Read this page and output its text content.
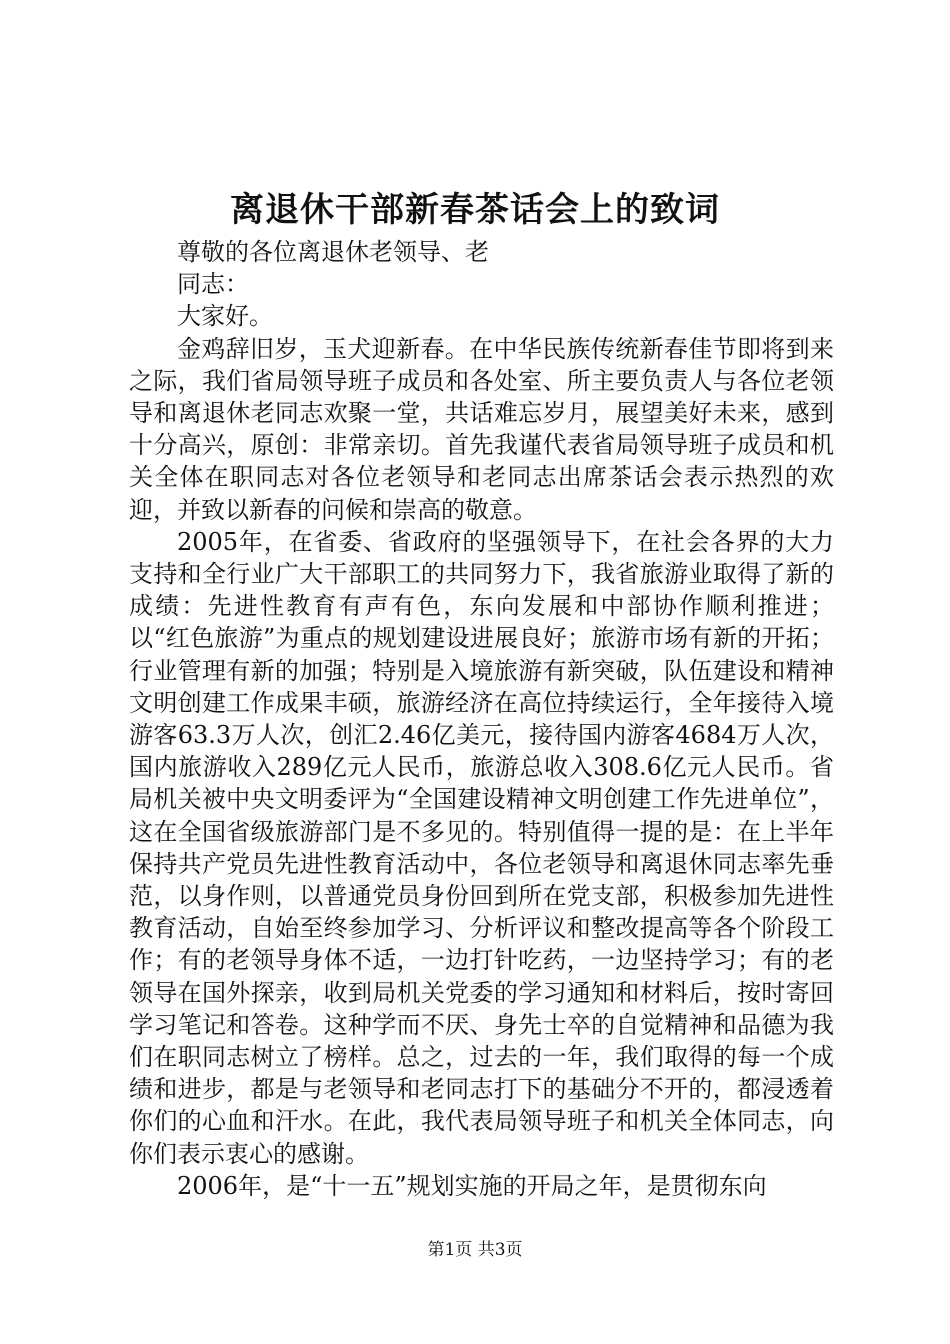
离退休干部新春茶话会上的致词

尊敬的各位离退休老领导、老

同志：

大家好。

金鸡辞旧岁，玉犬迎新春。在中华民族传统新春佳节即将到来之际，我们省局领导班子成员和各处室、所主要负责人与各位老领导和离退休老同志欢聚一堂，共话难忘岁月，展望美好未来，感到十分高兴，原创：非常亲切。首先我谨代表省局领导班子成员和机关全体在职同志对各位老领导和老同志出席茶话会表示热烈的欢迎，并致以新春的问候和崇高的敬意。

2005年，在省委、省政府的坚强领导下，在社会各界的大力支持和全行业广大干部职工的共同努力下，我省旅游业取得了新的成绩：先进性教育有声有色，东向发展和中部协作顺利推进；以“红色旅游”为重点的规划建设进展良好；旅游市场有新的开拓；行业管理有新的加强；特别是入境旅游有新突破，队伍建设和精神文明创建工作成果丰硕，旅游经济在高位持续运行，全年接待入境游客63.3万人次，创汇2.46亿美元，接待国内游客4684万人次，国内旅游收入289亿元人民币，旅游总收入308.6亿元人民币。省局机关被中央文明委评为“全国建设精神文明创建工作先进单位”，这在全国省级旅游部门是不多见的。特别值得一提的是：在上半年保持共产党员先进性教育活动中，各位老领导和离退休同志率先垂范，以身作则，以普通党员身份回到所在党支部，积极参加先进性教育活动，自始至终参加学习、分析评议和整改提高等各个阶段工作；有的老领导身体不适，一边打针吃药，一边坚持学习；有的老领导在国外探亲，收到局机关党委的学习通知和材料后，按时寄回学习笔记和答卷。这种学而不厌、身先士卒的自觉精神和品德为我们在职同志树立了榜样。总之，过去的一年，我们取得的每一个成绩和进步，都是与老领导和老同志打下的基础分不开的，都浸透着你们的心血和汗水。在此，我代表局领导班子和机关全体同志，向你们表示衷心的感谢。

2006年，是“十一五”规划实施的开局之年，是贯彻东向

第1页 共3页
